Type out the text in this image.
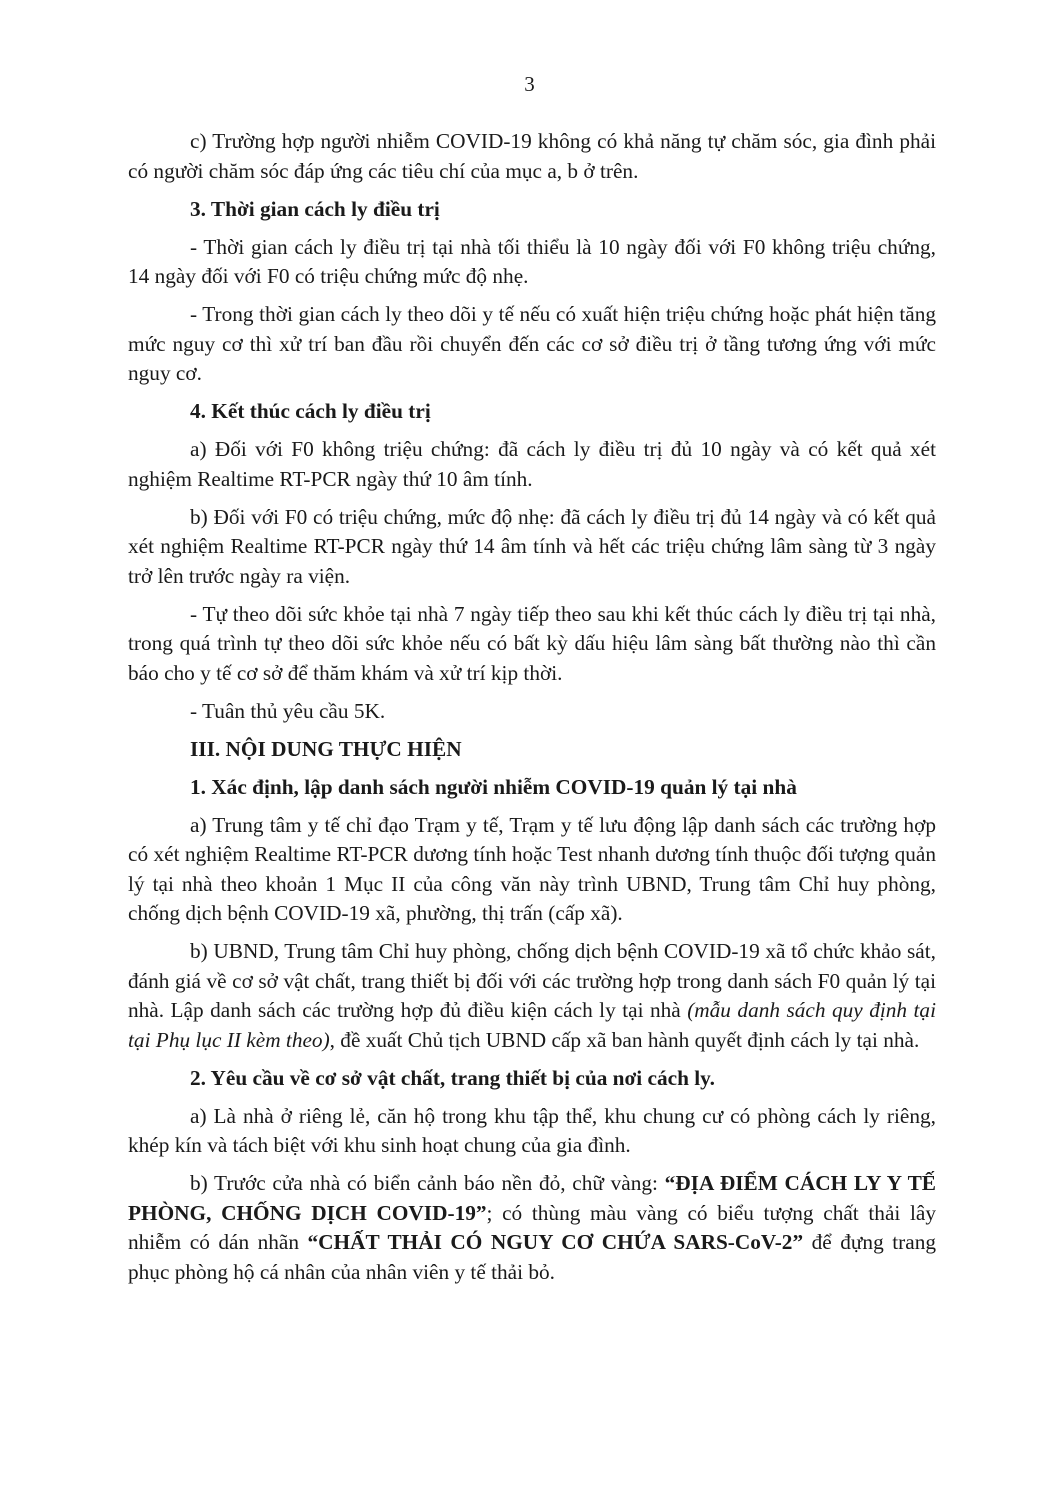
3

c) Trường hợp người nhiễm COVID-19 không có khả năng tự chăm sóc, gia đình phải có người chăm sóc đáp ứng các tiêu chí của mục a, b ở trên.

3. Thời gian cách ly điều trị

- Thời gian cách ly điều trị tại nhà tối thiểu là 10 ngày đối với F0 không triệu chứng, 14 ngày đối với F0 có triệu chứng mức độ nhẹ.

- Trong thời gian cách ly theo dõi y tế nếu có xuất hiện triệu chứng hoặc phát hiện tăng mức nguy cơ thì xử trí ban đầu rồi chuyển đến các cơ sở điều trị ở tầng tương ứng với mức nguy cơ.

4. Kết thúc cách ly điều trị

a) Đối với F0 không triệu chứng: đã cách ly điều trị đủ 10 ngày và có kết quả xét nghiệm Realtime RT-PCR ngày thứ 10 âm tính.

b) Đối với F0 có triệu chứng, mức độ nhẹ: đã cách ly điều trị đủ 14 ngày và có kết quả xét nghiệm Realtime RT-PCR ngày thứ 14 âm tính và hết các triệu chứng lâm sàng từ 3 ngày trở lên trước ngày ra viện.

- Tự theo dõi sức khỏe tại nhà 7 ngày tiếp theo sau khi kết thúc cách ly điều trị tại nhà, trong quá trình tự theo dõi sức khỏe nếu có bất kỳ dấu hiệu lâm sàng bất thường nào thì cần báo cho y tế cơ sở để thăm khám và xử trí kịp thời.

- Tuân thủ yêu cầu 5K.

III. NỘI DUNG THỰC HIỆN
1. Xác định, lập danh sách người nhiễm COVID-19 quản lý tại nhà

a) Trung tâm y tế chỉ đạo Trạm y tế, Trạm y tế lưu động lập danh sách các trường hợp có xét nghiệm Realtime RT-PCR dương tính hoặc Test nhanh dương tính thuộc đối tượng quản lý tại nhà theo khoản 1 Mục II của công văn này trình UBND, Trung tâm Chỉ huy phòng, chống dịch bệnh COVID-19 xã, phường, thị trấn (cấp xã).

b) UBND, Trung tâm Chỉ huy phòng, chống dịch bệnh COVID-19 xã tổ chức khảo sát, đánh giá về cơ sở vật chất, trang thiết bị đối với các trường hợp trong danh sách F0 quản lý tại nhà. Lập danh sách các trường hợp đủ điều kiện cách ly tại nhà (mẫu danh sách quy định tại tại Phụ lục II kèm theo), đề xuất Chủ tịch UBND cấp xã ban hành quyết định cách ly tại nhà.

2. Yêu cầu về cơ sở vật chất, trang thiết bị của nơi cách ly.

a) Là nhà ở riêng lẻ, căn hộ trong khu tập thể, khu chung cư có phòng cách ly riêng, khép kín và tách biệt với khu sinh hoạt chung của gia đình.

b) Trước cửa nhà có biển cảnh báo nền đỏ, chữ vàng: “ĐỊA ĐIỂM CÁCH LY Y TẾ PHÒNG, CHỐNG DỊCH COVID-19”; có thùng màu vàng có biểu tượng chất thải lây nhiễm có dán nhãn “CHẤT THẢI CÓ NGUY CƠ CHỨA SARS-CoV-2” để đựng trang phục phòng hộ cá nhân của nhân viên y tế thải bỏ.
